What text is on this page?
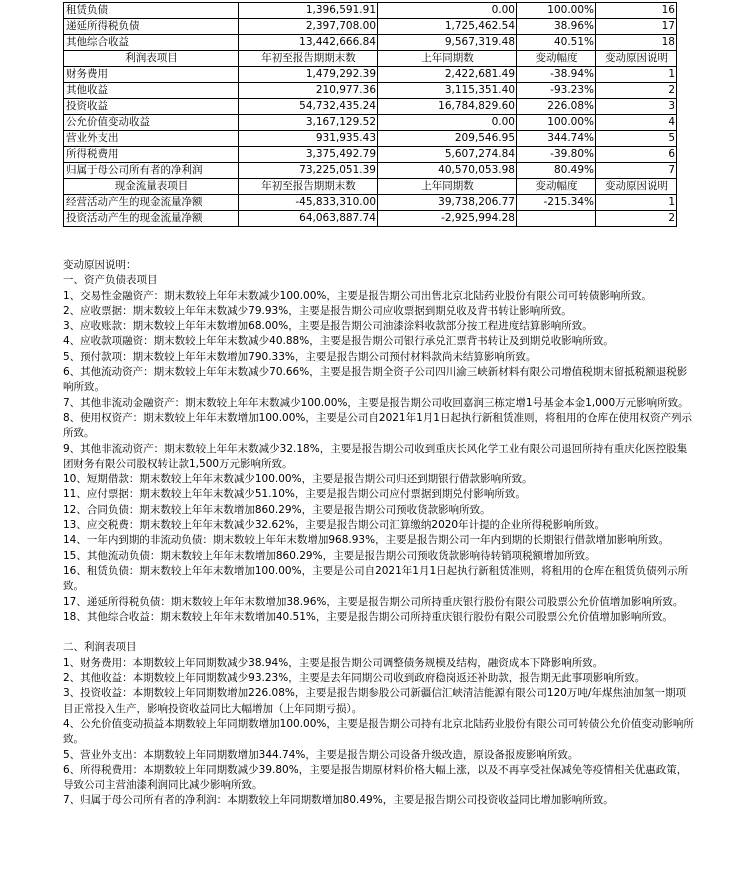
租赁负债	1,396,591.91	0.00	100.00%	16
递延所得税负债	2,397,708.00	1,725,462.54	38.96%	17
其他综合收益	13,442,666.84	9,567,319.48	40.51%	18
利润表项目	年初至报告期期末数	上年同期数	变动幅度	变动原因说明
财务费用	1,479,292.39	2,422,681.49	-38.94%	1
其他收益	210,977.36	3,115,351.40	-93.23%	2
投资收益	54,732,435.24	16,784,829.60	226.08%	3
公允价值变动收益	3,167,129.52	0.00	100.00%	4
营业外支出	931,935.43	209,546.95	344.74%	5
所得税费用	3,375,492.79	5,607,274.84	-39.80%	6
归属于母公司所有者的净利润	73,225,051.39	40,570,053.98	80.49%	7
现金流量表项目	年初至报告期期末数	上年同期数	变动幅度	变动原因说明
经营活动产生的现金流量净额	-45,833,310.00	39,738,206.77	-215.34%	1
投资活动产生的现金流量净额	64,063,887.74	-2,925,994.28		2

变动原因说明：

一、资产负债表项目

1、交易性金融资产：期末数较上年年末数减少100.00%，主要是报告期公司出售北京北陆药业股份有限公司可转债影响所致。

2、应收票据：期末数较上年年末数减少79.93%，主要是报告期公司应收票据到期兑收及背书转让影响所致。

3、应收账款：期末数较上年年末数增加68.00%，主要是报告期公司油漆涂料收款部分按工程进度结算影响所致。

4、应收款项融资：期末数较上年年末数减少40.88%，主要是报告期公司银行承兑汇票背书转让及到期兑收影响所致。

5、预付款项：期末数较上年年末数增加790.33%，主要是报告期公司预付材料款尚未结算影响所致。

6、其他流动资产：期末数较上年年末数减少70.66%，主要是报告期全资子公司四川渝三峡新材料有限公司增值税期末留抵税额退税影响所致。

7、其他非流动金融资产：期末数较上年年末数减少100.00%，主要是报告期公司收回嘉润三栋定增1号基金本金1,000万元影响所致。

8、使用权资产：期末数较上年年末数增加100.00%，主要是公司自2021年1月1日起执行新租赁准则，将租用的仓库在使用权资产列示所致。

9、其他非流动资产：期末数较上年年末数减少32.18%，主要是报告期公司收到重庆长风化学工业有限公司退回所持有重庆化医控股集团财务有限公司股权转让款1,500万元影响所致。

10、短期借款：期末数较上年年末数减少100.00%，主要是报告期公司归还到期银行借款影响所致。

11、应付票据：期末数较上年年末数减少51.10%，主要是报告期公司应付票据到期兑付影响所致。

12、合同负债：期末数较上年年末数增加860.29%，主要是报告期公司预收货款影响所致。

13、应交税费：期末数较上年年末数减少32.62%，主要是报告期公司汇算缴纳2020年计提的企业所得税影响所致。

14、一年内到期的非流动负债：期末数较上年年末数增加968.93%，主要是报告期公司一年内到期的长期银行借款增加影响所致。

15、其他流动负债：期末数较上年年末数增加860.29%，主要是报告期公司预收货款影响待转销项税额增加所致。

16、租赁负债：期末数较上年年末数增加100.00%，主要是公司自2021年1月1日起执行新租赁准则，将租用的仓库在租赁负债列示所致。

17、递延所得税负债：期末数较上年年末数增加38.96%，主要是报告期公司所持重庆银行股份有限公司股票公允价值增加影响所致。

18、其他综合收益：期末数较上年年末数增加40.51%，主要是报告期公司所持重庆银行股份有限公司股票公允价值增加影响所致。

二、利润表项目

1、财务费用：本期数较上年同期数减少38.94%，主要是报告期公司调整债务规模及结构，融资成本下降影响所致。

2、其他收益：本期数较上年同期数减少93.23%，主要是去年同期公司收到政府稳岗返还补助款，报告期无此事项影响所致。

3、投资收益：本期数较上年同期数增加226.08%，主要是报告期参股公司新疆信汇峡清洁能源有限公司120万吨/年煤焦油加氢一期项目正常投入生产，影响投资收益同比大幅增加（上年同期亏损）。

4、公允价值变动损益本期数较上年同期数增加100.00%，主要是报告期公司持有北京北陆药业股份有限公司可转债公允价值变动影响所致。

5、营业外支出：本期数较上年同期数增加344.74%，主要是报告期公司设备升级改造，原设备报废影响所致。

6、所得税费用：本期数较上年同期数减少39.80%，主要是报告期原材料价格大幅上涨，以及不再享受社保减免等疫情相关优惠政策，导致公司主营油漆利润同比减少影响所致。

7、归属于母公司所有者的净利润：本期数较上年同期数增加80.49%，主要是报告期公司投资收益同比增加影响所致。
